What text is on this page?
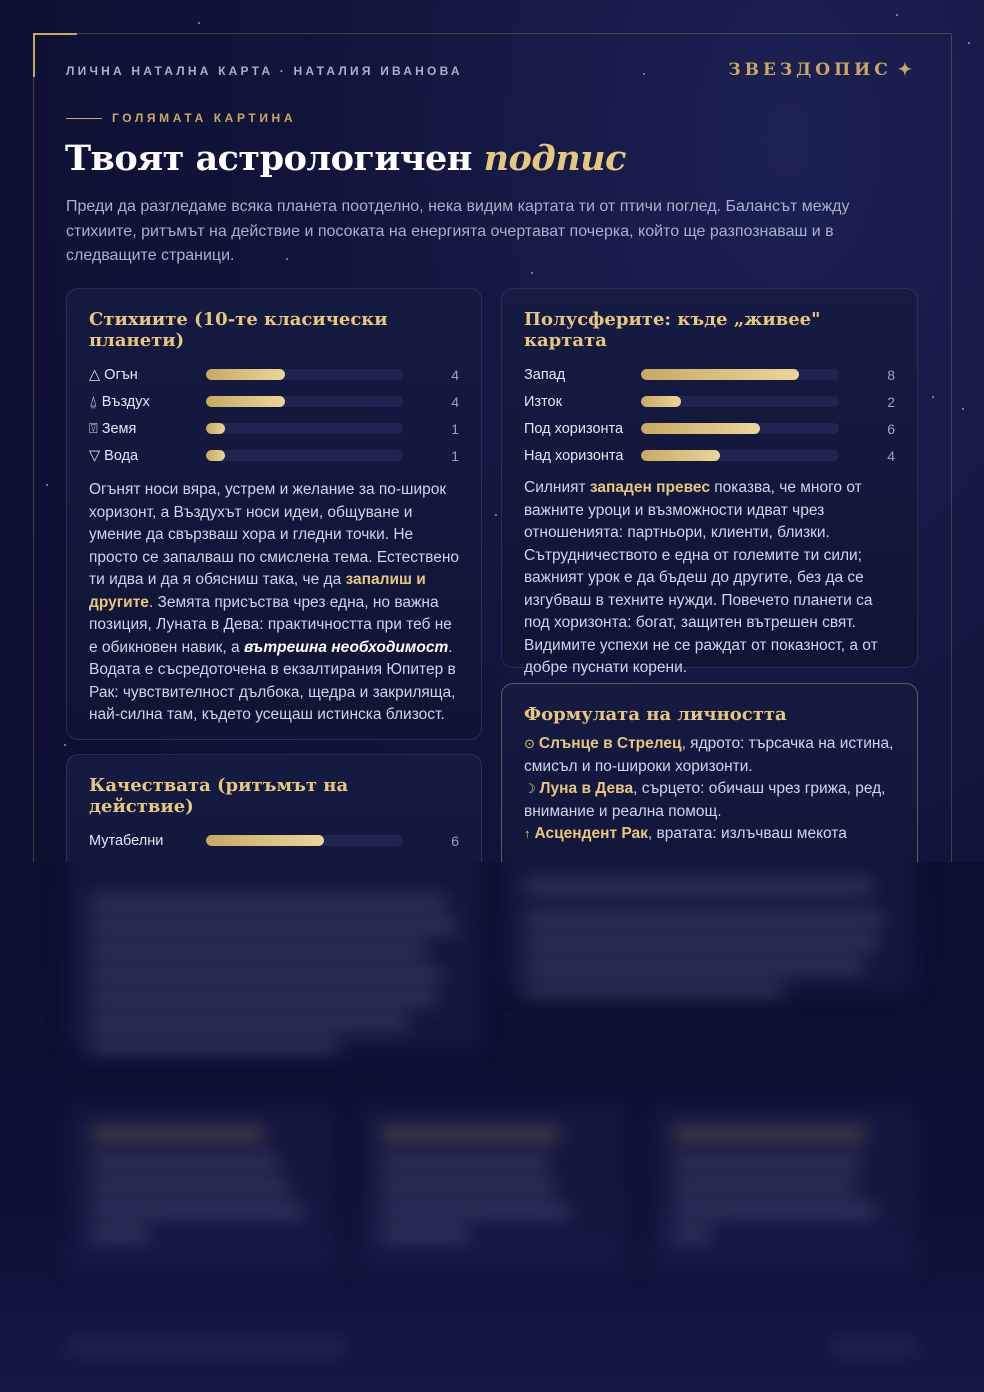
ЛИЧНА НАТАЛНА КАРТА · НАТАЛИЯ ИВАНОВА	ЗВЕЗДОПИС ✦
ГОЛЯМАТА КАРТИНА
Твоят астрологичен подпис

Преди да разгледаме всяка планета поотделно, нека видим картата ти от птичи поглед. Балансът между стихиите, ритъмът на действие и посоката на енергията очертават почерка, който ще разпознаваш и в следващите страници.

Стихиите (10-те класически планети)
△ Огън	4
⍙ Въздух	4
⍔ Земя	1
▽ Вода	1

Огънят носи вяра, устрем и желание за по-широк хоризонт, а Въздухът носи идеи, общуване и умение да свързваш хора и гледни точки. Не просто се запалваш по смислена тема. Естествено ти идва и да я обясниш така, че да запалиш и другите. Земята присъства чрез една, но важна позиция, Луната в Дева: практичността при теб не е обикновен навик, а вътрешна необходимост. Водата е съсредоточена в екзалтирания Юпитер в Рак: чувствителност дълбока, щедра и закриляща, най-силна там, където усещаш истинска близост.

Полусферите: къде „живее" картата
Запад	8
Изток	2
Под хоризонта	6
Над хоризонта	4

Силният западен превес показва, че много от важните уроци и възможности идват чрез отношенията: партньори, клиенти, близки. Сътрудничеството е една от големите ти сили; важният урок е да бъдеш до другите, без да се изгубваш в техните нужди. Повечето планети са под хоризонта: богат, защитен вътрешен свят. Видимите успехи не се раждат от показност, а от добре пуснати корени.

Качествата (ритъмът на действие)
Мутабелни	6
Формулата на личността

⊙ Слънце в Стрелец, ядрото: търсачка на истина, смисъл и по-широки хоризонти.

☽ Луна в Дева, сърцето: обичаш чрез грижа, ред, внимание и реална помощ.

↑ Асцендент Рак, вратата: излъчваш мекота
